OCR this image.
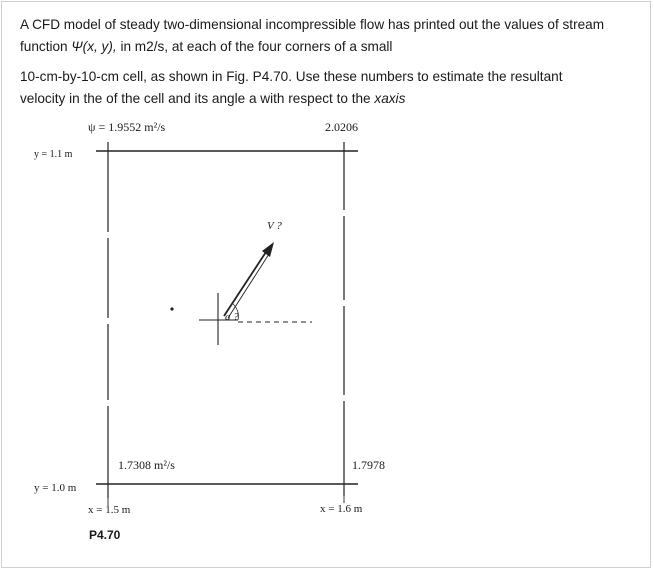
A CFD model of steady two-dimensional incompressible flow has printed out the values of stream
function Ψ(x, y), in m2/s, at each of the four corners of a small

10-cm-by-10-cm cell, as shown in Fig. P4.70. Use these numbers to estimate the resultant
velocity in the of the cell and its angle a with respect to the xaxis

ψ = 1.9552 m²/s	2.0206
y = 1.1 m
1.7308 m²/s	1.7978
y = 1.0 m
x = 1.5 m	x = 1.6 m
V ?
a ?
P4.70
